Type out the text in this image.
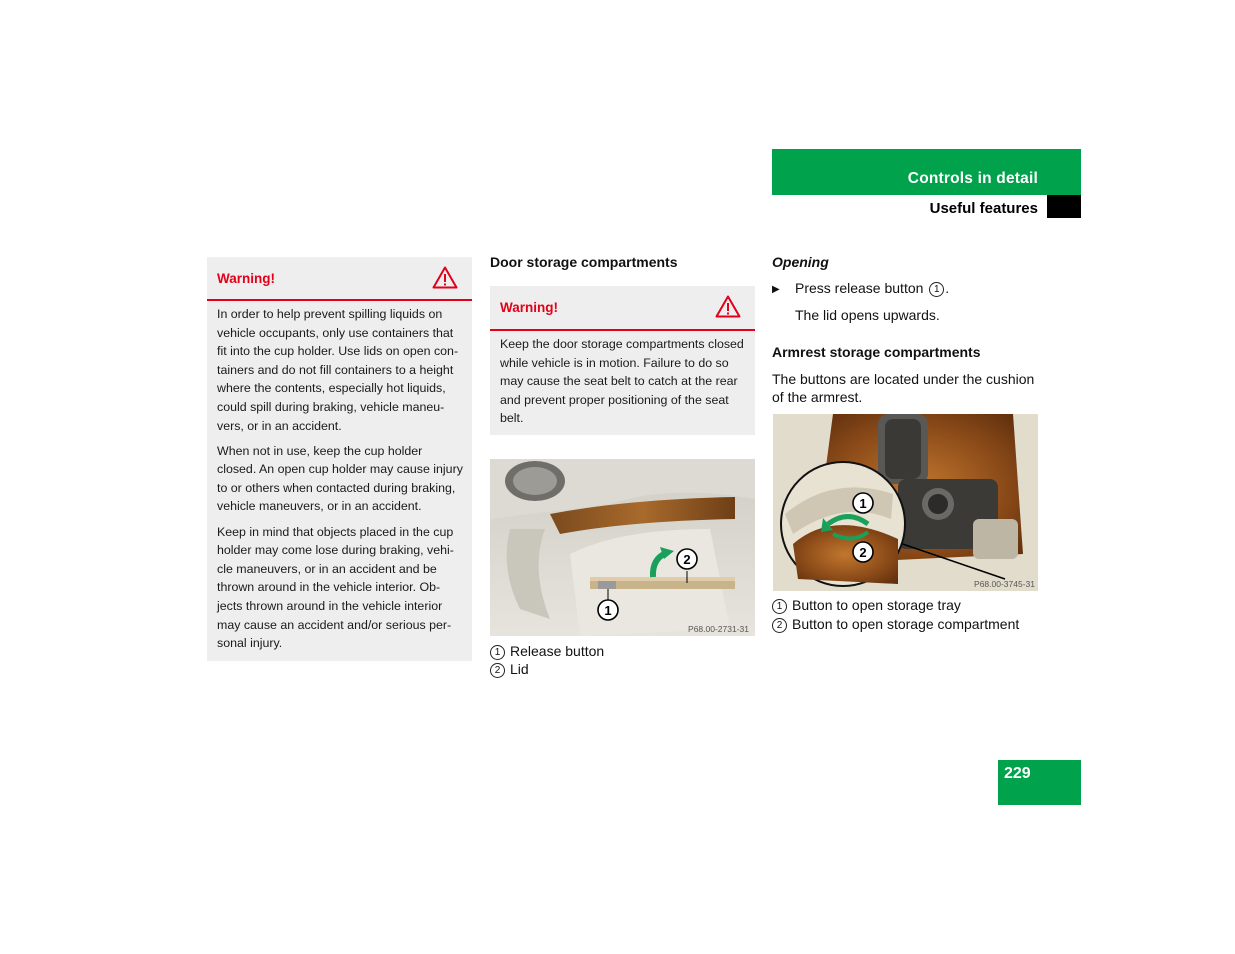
Controls in detail
Useful features
Warning!

In order to help prevent spilling liquids on vehicle occupants, only use containers that fit into the cup holder. Use lids on open con-tainers and do not fill containers to a height where the contents, especially hot liquids, could spill during braking, vehicle maneu-vers, or in an accident.

When not in use, keep the cup holder closed. An open cup holder may cause injury to or others when contacted during braking, vehicle maneuvers, or in an accident.

Keep in mind that objects placed in the cup holder may come lose during braking, vehi-cle maneuvers, or in an accident and be thrown around in the vehicle interior. Ob-jects thrown around in the vehicle interior may cause an accident and/or serious per-sonal injury.

Door storage compartments
Warning!
Keep the door storage compartments closed while vehicle is in motion. Failure to do so may cause the seat belt to catch at the rear and prevent proper positioning of the seat belt.
1
2
P68.00-2731-31
1 Release button
2 Lid
Opening
▶ Press release button 1 .
The lid opens upwards.
Armrest storage compartments
The buttons are located under the cushion of the armrest.
1
2
P68.00-3745-31
1 Button to open storage tray
2 Button to open storage compartment
229
